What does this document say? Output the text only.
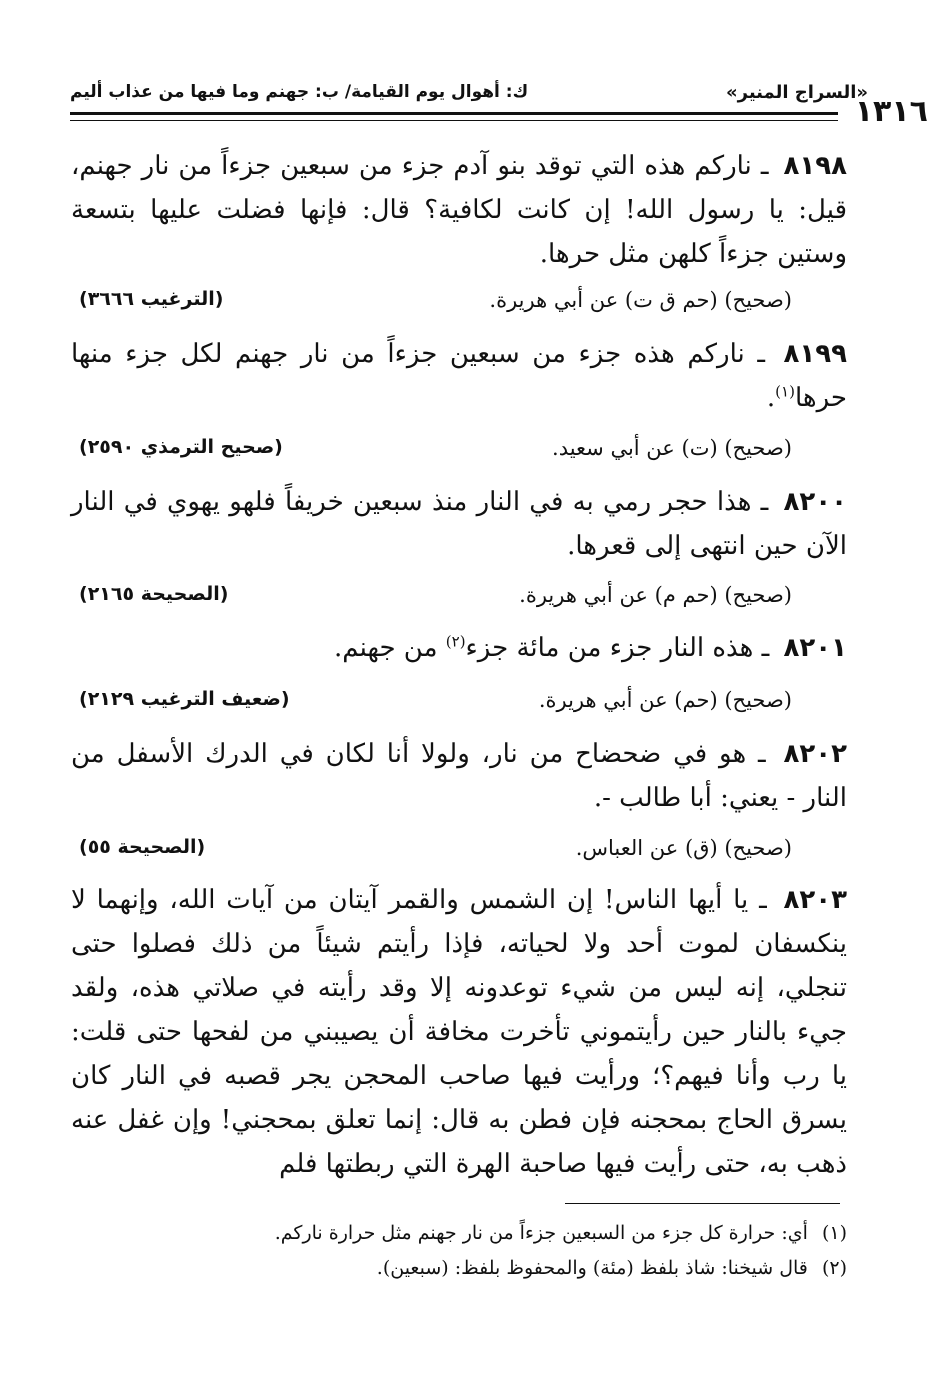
١٣١٦
«السراج المنير»
ك: أهوال يوم القيامة/ ب: جهنم وما فيها من عذاب أليم
٨١٩٨ ـ ناركم هذه التي توقد بنو آدم جزء من سبعين جزءاً من نار جهنم، قيل: يا رسول الله! إن كانت لكافية؟ قال: فإنها فضلت عليها بتسعة وستين جزءاً كلهن مثل حرها.
(صحيح) (حم ق ت) عن أبي هريرة.
(الترغيب ٣٦٦٦)
٨١٩٩ ـ ناركم هذه جزء من سبعين جزءاً من نار جهنم لكل جزء منها حرها$^{(١)}$.
(صحيح) (ت) عن أبي سعيد.
(صحيح الترمذي ٢٥٩٠)
٨٢٠٠ ـ هذا حجر رمي به في النار منذ سبعين خريفاً فلهو يهوي في النار الآن حين انتهى إلى قعرها.
(صحيح) (حم م) عن أبي هريرة.
(الصحيحة ٢١٦٥)
٨٢٠١ ـ هذه النار جزء من مائة جزء$^{(٢)}$ من جهنم.
(صحيح) (حم) عن أبي هريرة.
(ضعيف الترغيب ٢١٢٩)
٨٢٠٢ ـ هو في ضحضاح من نار، ولولا أنا لكان في الدرك الأسفل من النار - يعني: أبا طالب -.
(صحيح) (ق) عن العباس.
(الصحيحة ٥٥)
٨٢٠٣ ـ يا أيها الناس! إن الشمس والقمر آيتان من آيات الله، وإنهما لا ينكسفان لموت أحد ولا لحياته، فإذا رأيتم شيئاً من ذلك فصلوا حتى تنجلي، إنه ليس من شيء توعدونه إلا وقد رأيته في صلاتي هذه، ولقد جيء بالنار حين رأيتموني تأخرت مخافة أن يصيبني من لفحها حتى قلت: يا رب وأنا فيهم؟؛ ورأيت فيها صاحب المحجن يجر قصبه في النار كان يسرق الحاج بمحجنه فإن فطن به قال: إنما تعلق بمحجني! وإن غفل عنه ذهب به، حتى رأيت فيها صاحبة الهرة التي ربطتها فلم
(١) أي: حرارة كل جزء من السبعين جزءاً من نار جهنم مثل حرارة ناركم.
(٢) قال شيخنا: شاذ بلفظ (مئة) والمحفوظ بلفظ: (سبعين).
